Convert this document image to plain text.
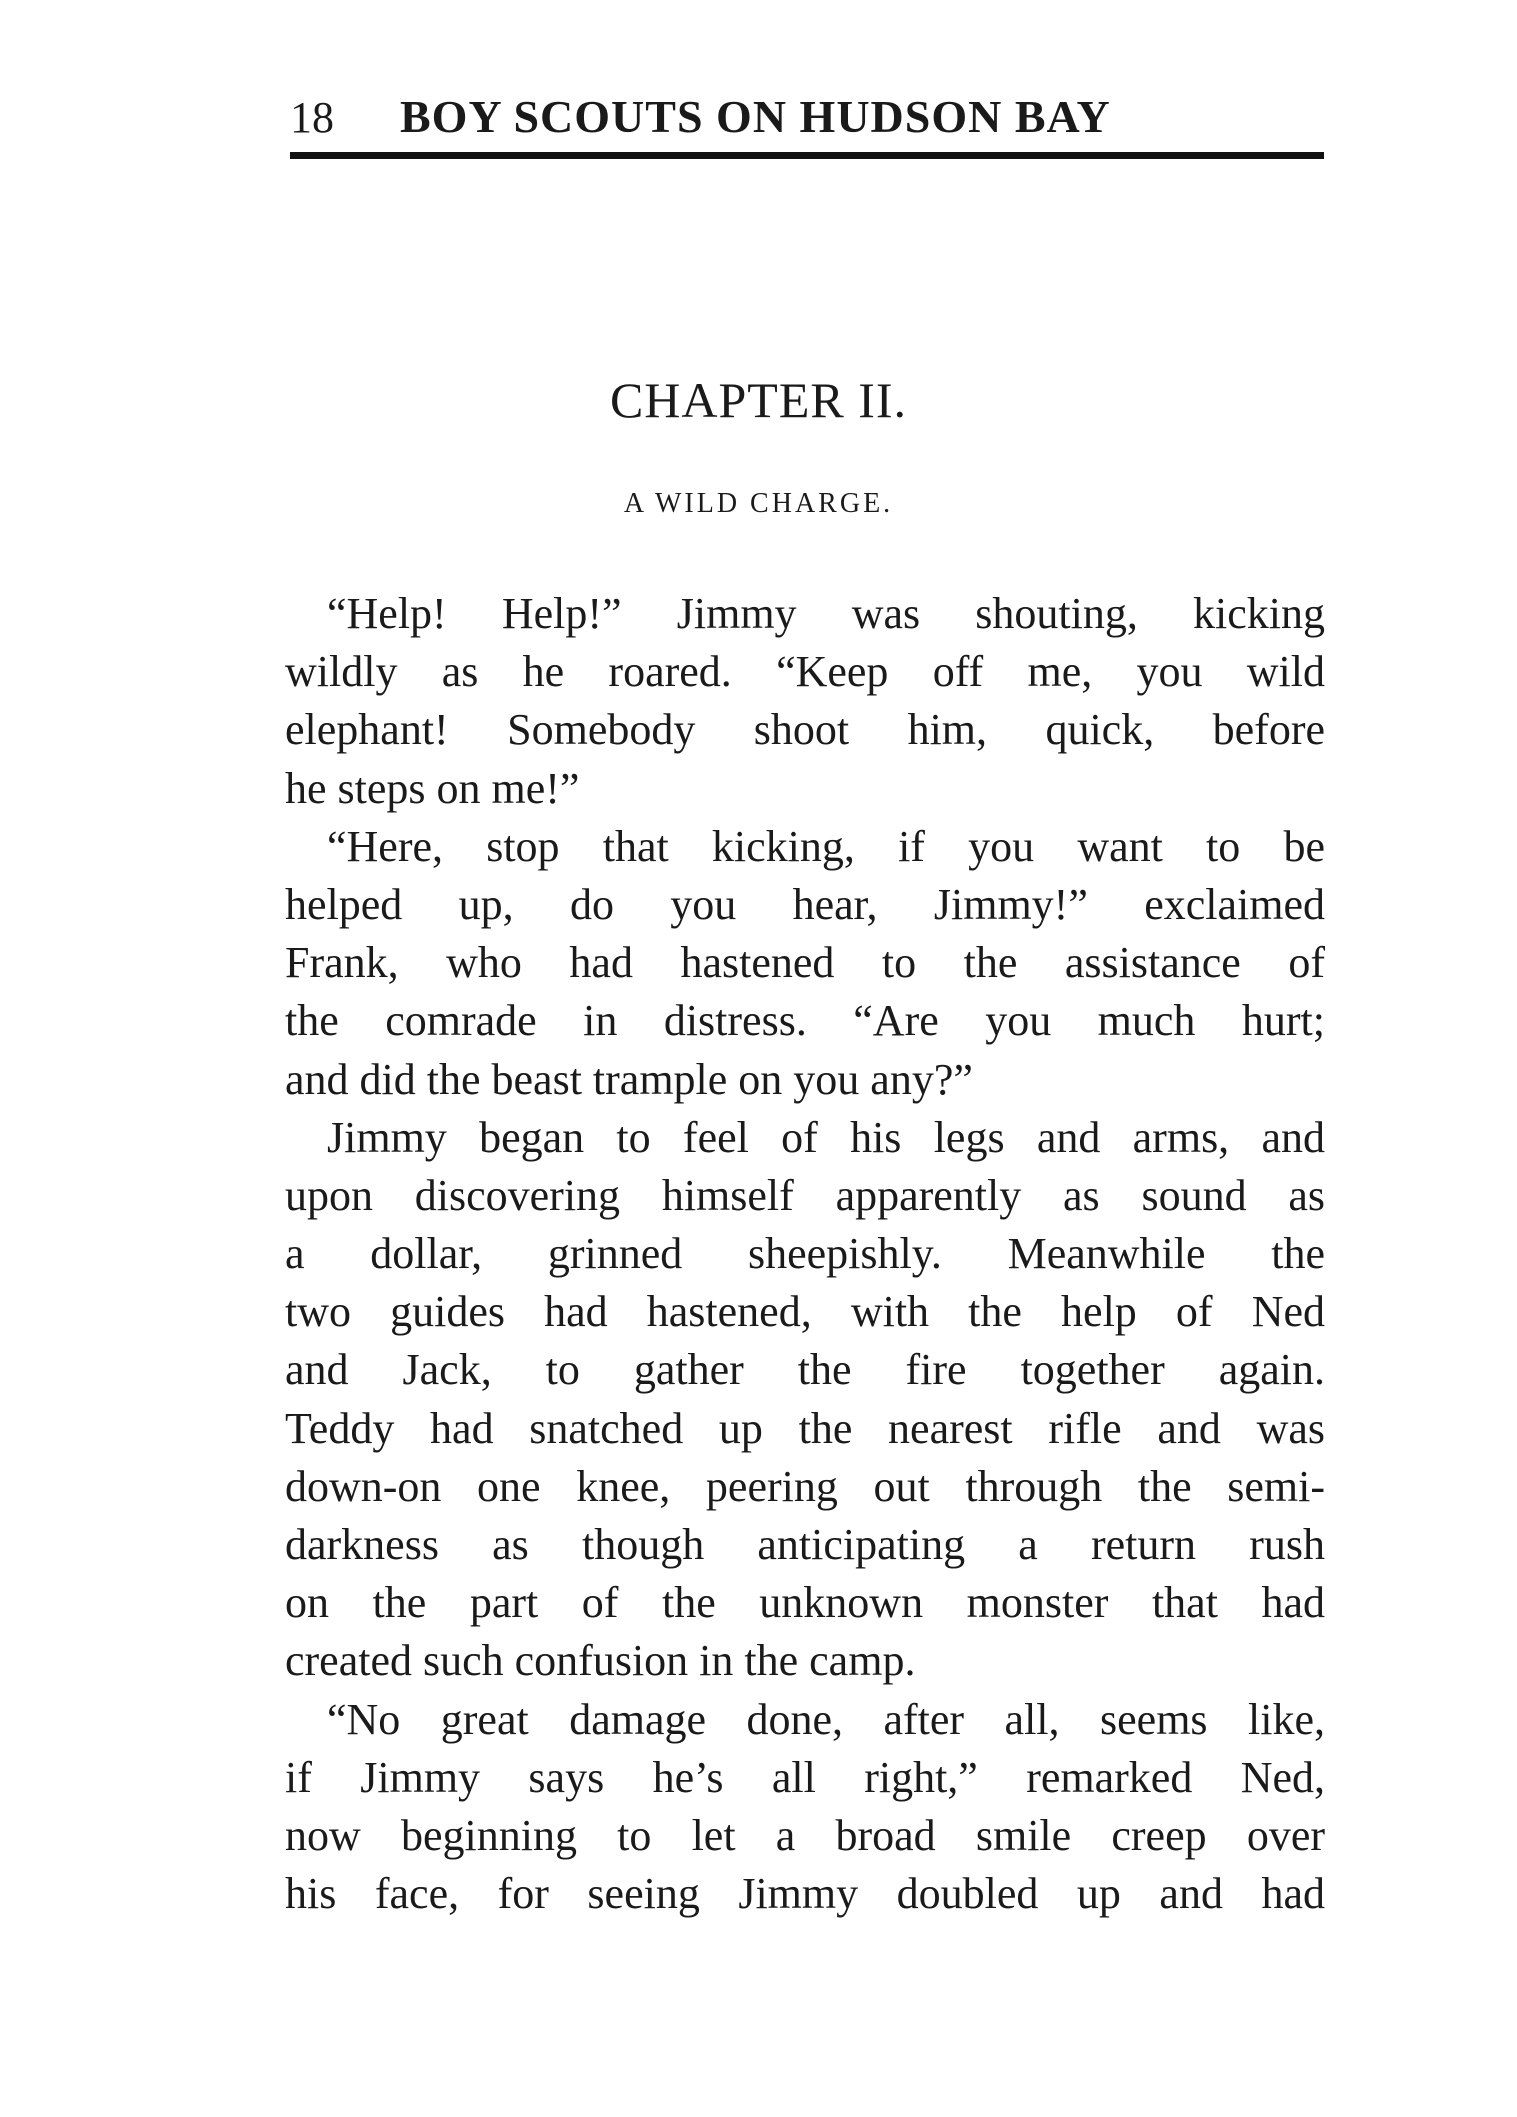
18 BOY SCOUTS ON HUDSON BAY
CHAPTER II.
A WILD CHARGE.
“Help! Help!” Jimmy was shouting, kicking
wildly as he roared. “Keep off me, you wild
elephant! Somebody shoot him, quick, before
he steps on me!”
“Here, stop that kicking, if you want to be
helped up, do you hear, Jimmy!” exclaimed
Frank, who had hastened to the assistance of
the comrade in distress. “Are you much hurt;
and did the beast trample on you any?”
Jimmy began to feel of his legs and arms, and
upon discovering himself apparently as sound as
a dollar, grinned sheepishly. Meanwhile the
two guides had hastened, with the help of Ned
and Jack, to gather the fire together again.
Teddy had snatched up the nearest rifle and was
down-on one knee, peering out through the semi-
darkness as though anticipating a return rush
on the part of the unknown monster that had
created such confusion in the camp.
“No great damage done, after all, seems like,
if Jimmy says he’s all right,” remarked Ned,
now beginning to let a broad smile creep over
his face, for seeing Jimmy doubled up and had
